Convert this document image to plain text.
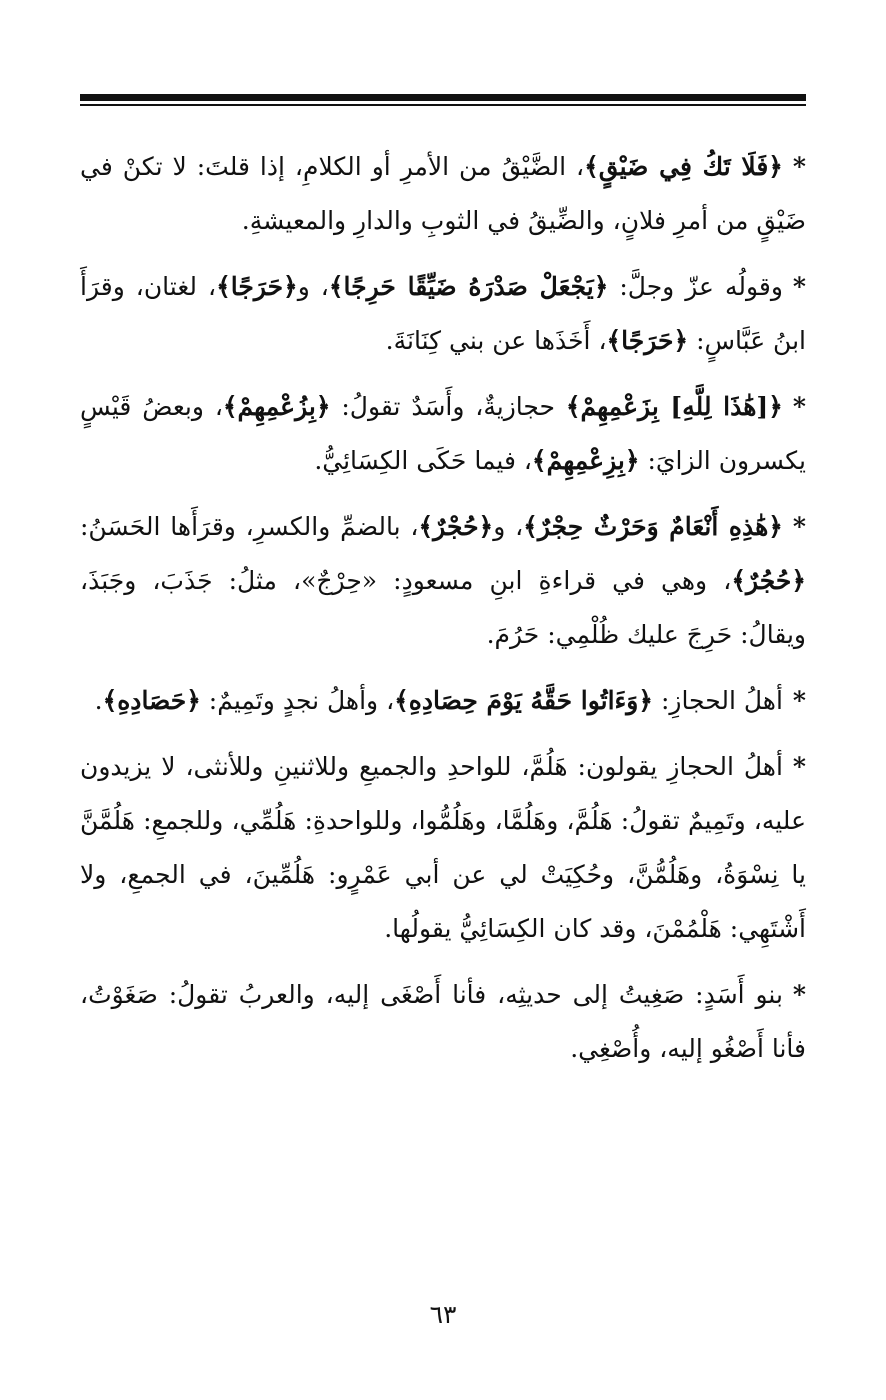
*﴿فَلَا تَكُ فِي ضَيْقٍ﴾، الضَّيْقُ من الأمرِ أو الكلامِ، إذا قلتَ: لا تكنْ في ضَيْقٍ من أمرِ فلانٍ، والضِّيقُ في الثوبِ والدارِ والمعيشةِ.

*وقولُه عزّ وجلَّ: ﴿يَجْعَلْ صَدْرَهُ ضَيِّقًا حَرِجًا﴾، و﴿حَرَجًا﴾، لغتان، وقرَأَ ابنُ عَبَّاسٍ: ﴿حَرَجًا﴾، أَخَذَها عن بني كِنَانَةَ.

*﴿[هَٰذَا لِلَّهِ] بِزَعْمِهِمْ﴾ حجازيةٌ، وأَسَدٌ تقولُ: ﴿بِزُعْمِهِمْ﴾، وبعضُ قَيْسٍ يكسرون الزايَ: ﴿بِزِعْمِهِمْ﴾، فيما حَكَى الكِسَائِيُّ.

*﴿هَٰذِهِ أَنْعَامٌ وَحَرْثٌ حِجْرٌ﴾، و﴿حُجْرٌ﴾، بالضمِّ والكسرِ، وقرَأَها الحَسَنُ: ﴿حُجُرٌ﴾، وهي في قراءةِ ابنِ مسعودٍ: «حِرْجٌ»، مثلُ: جَذَبَ، وجَبَذَ، ويقالُ: حَرِجَ عليك ظُلْمِي: حَرُمَ.

*أهلُ الحجازِ: ﴿وَءَاتُوا حَقَّهُ يَوْمَ حِصَادِهِ﴾، وأهلُ نجدٍ وتَمِيمٌ: ﴿حَصَادِهِ﴾.

*أهلُ الحجازِ يقولون: هَلُمَّ، للواحدِ والجميعِ وللاثنينِ وللأنثى، لا يزيدون عليه، وتَمِيمٌ تقولُ: هَلُمَّ، وهَلُمَّا، وهَلُمُّوا، وللواحدةِ: هَلُمِّي، وللجمعِ: هَلُمَّنَّ يا نِسْوَةُ، وهَلُمُّنَّ، وحُكِيَتْ لي عن أبي عَمْرٍو: هَلُمِّينَ، في الجمعِ، ولا أَشْتَهِي: هَلْمُمْنَ، وقد كان الكِسَائِيُّ يقولُها.

*بنو أَسَدٍ: صَغِيتُ إلى حديثِه، فأنا أَصْغَى إليه، والعربُ تقولُ: صَغَوْتُ، فأنا أَصْغُو إليه، وأُصْغِي.

٦٣
